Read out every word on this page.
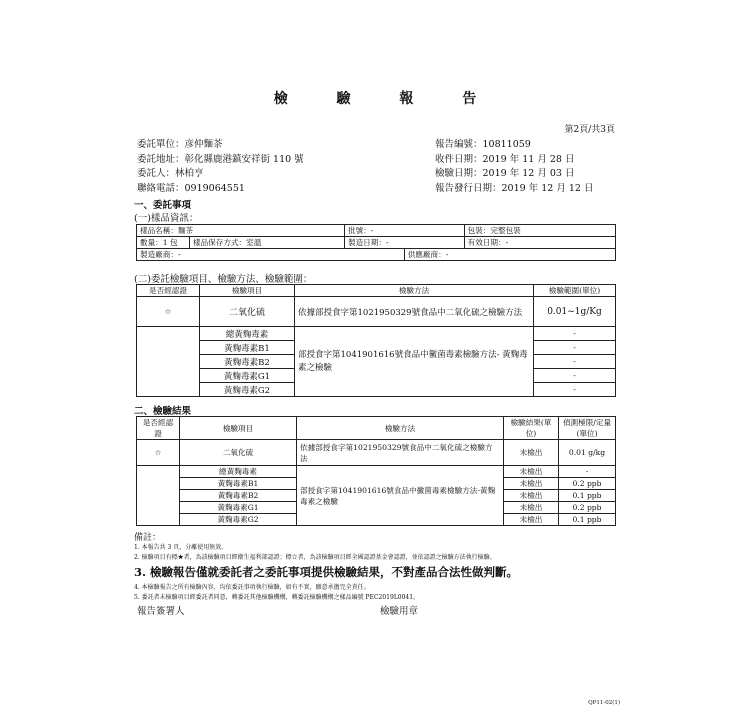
檢 驗 報 告
第2頁/共3頁
委託單位：彦仲麵茶
委託地址：彰化縣鹿港鎮安祥街 110 號
委託人：林柏亨
聯絡電話：0919064551
報告編號：10811059
收件日期：2019 年 11 月 28 日
檢驗日期：2019 年 12 月 03 日
報告發行日期：2019 年 12 月 12 日
一、委託事項
(一)樣品資訊：
樣品名稱：麵茶		批號：-		包裝：完整包裝
數量：1 包	樣品保存方式：室溫	製造日期：-		有效日期：-
製造廠商：-			供應廠商：-	
(二)委託檢驗項目、檢驗方法、檢驗範圍：
是否經認證	檢驗項目	檢驗方法	檢驗範圍(單位)
☆	二氧化硫	依據部授食字第1021950329號食品中二氧化硫之檢驗方法	0.01~1g/Kg
	總黃麴毒素	部授食字第1041901616號食品中黴菌毒素檢驗方法- 黃麴毒素之檢驗	-
	黃麴毒素B1		-
	黃麴毒素B2		-
	黃麴毒素G1		-
	黃麴毒素G2		-
二、檢驗結果
是否經認證	檢驗項目	檢驗方法	檢驗結果(單位)	偵測極限/定量(單位)
☆	二氧化硫	依據部授食字第1021950329號食品中二氧化硫之檢驗方法	未檢出	0.01 g/kg
	總黃麴毒素	部授食字第1041901616號食品中黴菌毒素檢驗方法-黃麴毒素之檢驗	未檢出	-
	黃麴毒素B1		未檢出	0.2 ppb
	黃麴毒素B2		未檢出	0.1 ppb
	黃麴毒素G1		未檢出	0.2 ppb
	黃麴毒素G2		未檢出	0.1 ppb
備註：
1. 本報告共 3 頁，分離使用無效。
2. 檢驗項目有標★者，為該檢驗項目經衛生福利部認證；標☆者，為該檢驗項目經全國認證基金會認證，並依認證之檢驗方法執行檢驗。
3. 檢驗報告僅就委託者之委託事項提供檢驗結果，不對產品合法性做判斷。
4. 本檢驗報告之所有檢驗內容，均依委託事項執行檢驗，如有不實，願意承擔完全責任。
5. 委託者未檢驗項目經委託者同意，轉委託其他檢驗機構，轉委託檢驗機構之樣品編號 PEC2019L0041。
報告簽署人	檢驗用章
QP11-02(1)
